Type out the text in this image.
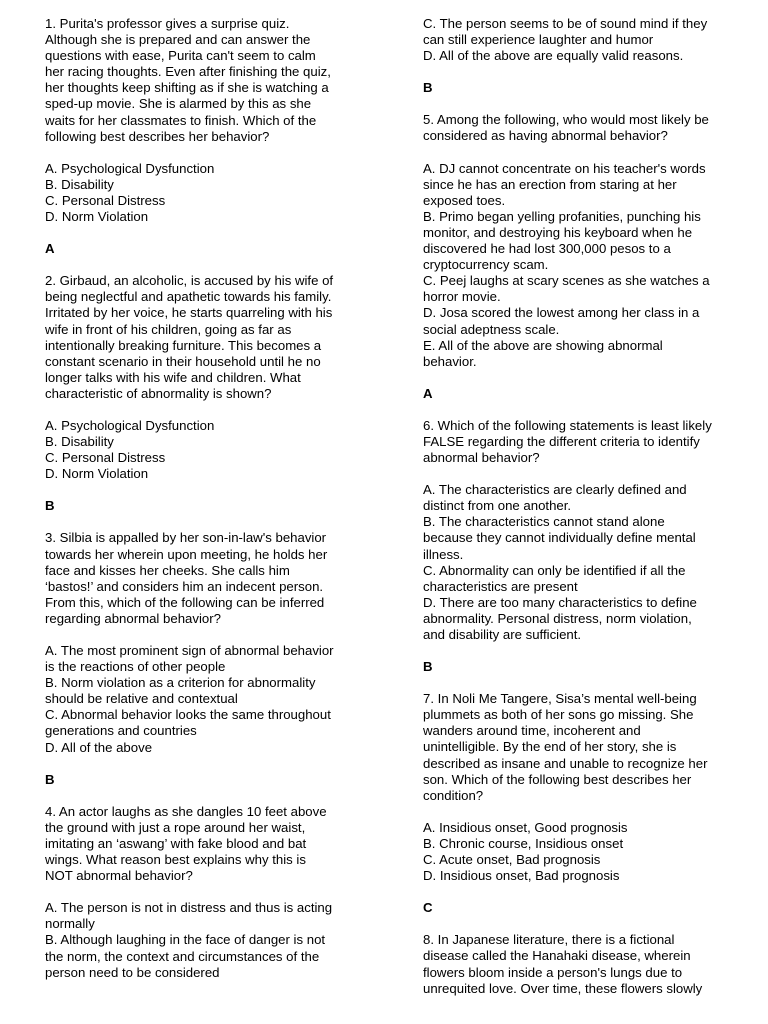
1. Purita's professor gives a surprise quiz.
Although she is prepared and can answer the
questions with ease, Purita can't seem to calm
her racing thoughts. Even after finishing the quiz,
her thoughts keep shifting as if she is watching a
sped-up movie. She is alarmed by this as she
waits for her classmates to finish. Which of the
following best describes her behavior?

A. Psychological Dysfunction

B. Disability

C. Personal Distress

D. Norm Violation

A

2. Girbaud, an alcoholic, is accused by his wife of
being neglectful and apathetic towards his family.
Irritated by her voice, he starts quarreling with his
wife in front of his children, going as far as
intentionally breaking furniture. This becomes a
constant scenario in their household until he no
longer talks with his wife and children. What
characteristic of abnormality is shown?

A. Psychological Dysfunction

B. Disability

C. Personal Distress

D. Norm Violation

B

3. Silbia is appalled by her son-in-law's behavior
towards her wherein upon meeting, he holds her
face and kisses her cheeks. She calls him
‘bastos!’ and considers him an indecent person.
From this, which of the following can be inferred
regarding abnormal behavior?

A. The most prominent sign of abnormal behavior
is the reactions of other people

B. Norm violation as a criterion for abnormality
should be relative and contextual

C. Abnormal behavior looks the same throughout
generations and countries

D. All of the above

B

4. An actor laughs as she dangles 10 feet above
the ground with just a rope around her waist,
imitating an ‘aswang’ with fake blood and bat
wings. What reason best explains why this is
NOT abnormal behavior?

A. The person is not in distress and thus is acting
normally

B. Although laughing in the face of danger is not
the norm, the context and circumstances of the
person need to be considered

C. The person seems to be of sound mind if they
can still experience laughter and humor

D. All of the above are equally valid reasons.

B

5. Among the following, who would most likely be
considered as having abnormal behavior?

A. DJ cannot concentrate on his teacher's words
since he has an erection from staring at her
exposed toes.

B. Primo began yelling profanities, punching his
monitor, and destroying his keyboard when he
discovered he had lost 300,000 pesos to a
cryptocurrency scam.

C. Peej laughs at scary scenes as she watches a
horror movie.

D. Josa scored the lowest among her class in a
social adeptness scale.

E. All of the above are showing abnormal
behavior.

A

6. Which of the following statements is least likely
FALSE regarding the different criteria to identify
abnormal behavior?

A. The characteristics are clearly defined and
distinct from one another.

B. The characteristics cannot stand alone
because they cannot individually define mental
illness.

C. Abnormality can only be identified if all the
characteristics are present

D. There are too many characteristics to define
abnormality. Personal distress, norm violation,
and disability are sufficient.

B

7. In Noli Me Tangere, Sisa’s mental well-being
plummets as both of her sons go missing. She
wanders around time, incoherent and
unintelligible. By the end of her story, she is
described as insane and unable to recognize her
son. Which of the following best describes her
condition?

A. Insidious onset, Good prognosis

B. Chronic course, Insidious onset

C. Acute onset, Bad prognosis

D. Insidious onset, Bad prognosis

C

8. In Japanese literature, there is a fictional
disease called the Hanahaki disease, wherein
flowers bloom inside a person's lungs due to
unrequited love. Over time, these flowers slowly
